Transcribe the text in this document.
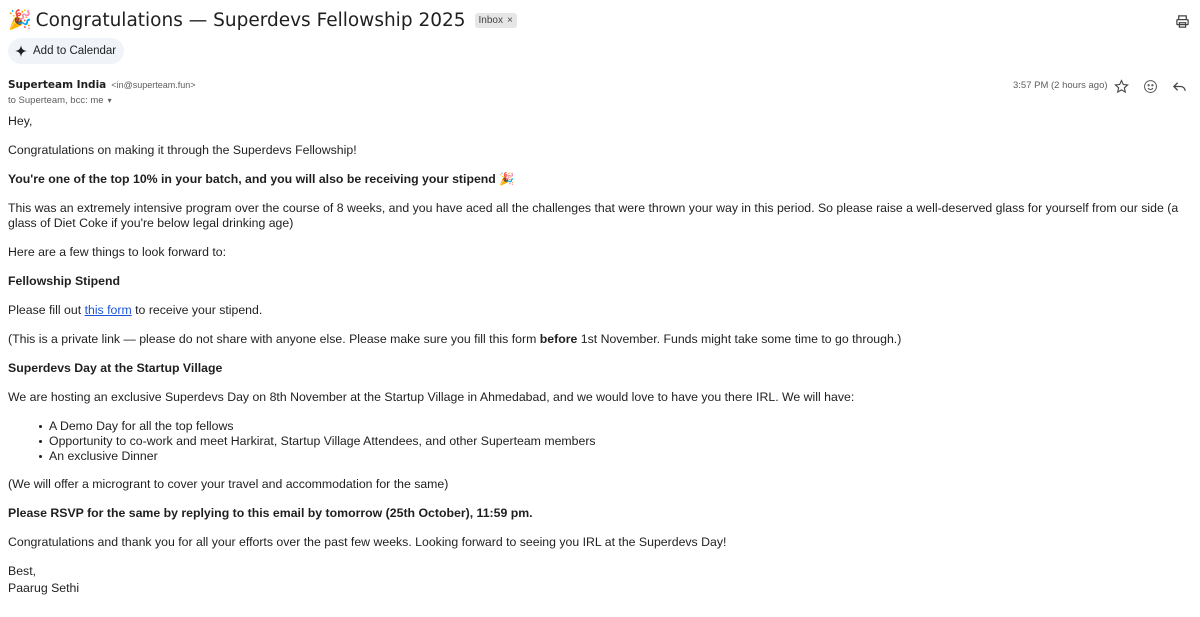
🎉 Congratulations — Superdevs Fellowship 2025 Inbox ×
Add to Calendar
Superteam India <in@superteam.fun>
to Superteam, bcc: me ▾
3:57 PM (2 hours ago)

Hey,

Congratulations on making it through the Superdevs Fellowship!

You're one of the top 10% in your batch, and you will also be receiving your stipend 🎉

This was an extremely intensive program over the course of 8 weeks, and you have aced all the challenges that were thrown your way in this period. So please raise a well-deserved glass for yourself from our side (a glass of Diet Coke if you're below legal drinking age)

Here are a few things to look forward to:

Fellowship Stipend

Please fill out this form to receive your stipend.

(This is a private link — please do not share with anyone else. Please make sure you fill this form before 1st November. Funds might take some time to go through.)

Superdevs Day at the Startup Village

We are hosting an exclusive Superdevs Day on 8th November at the Startup Village in Ahmedabad, and we would love to have you there IRL. We will have:

A Demo Day for all the top fellows
Opportunity to co-work and meet Harkirat, Startup Village Attendees, and other Superteam members
An exclusive Dinner

(We will offer a microgrant to cover your travel and accommodation for the same)

Please RSVP for the same by replying to this email by tomorrow (25th October), 11:59 pm.

Congratulations and thank you for all your efforts over the past few weeks. Looking forward to seeing you IRL at the Superdevs Day!

Best,

Paarug Sethi
